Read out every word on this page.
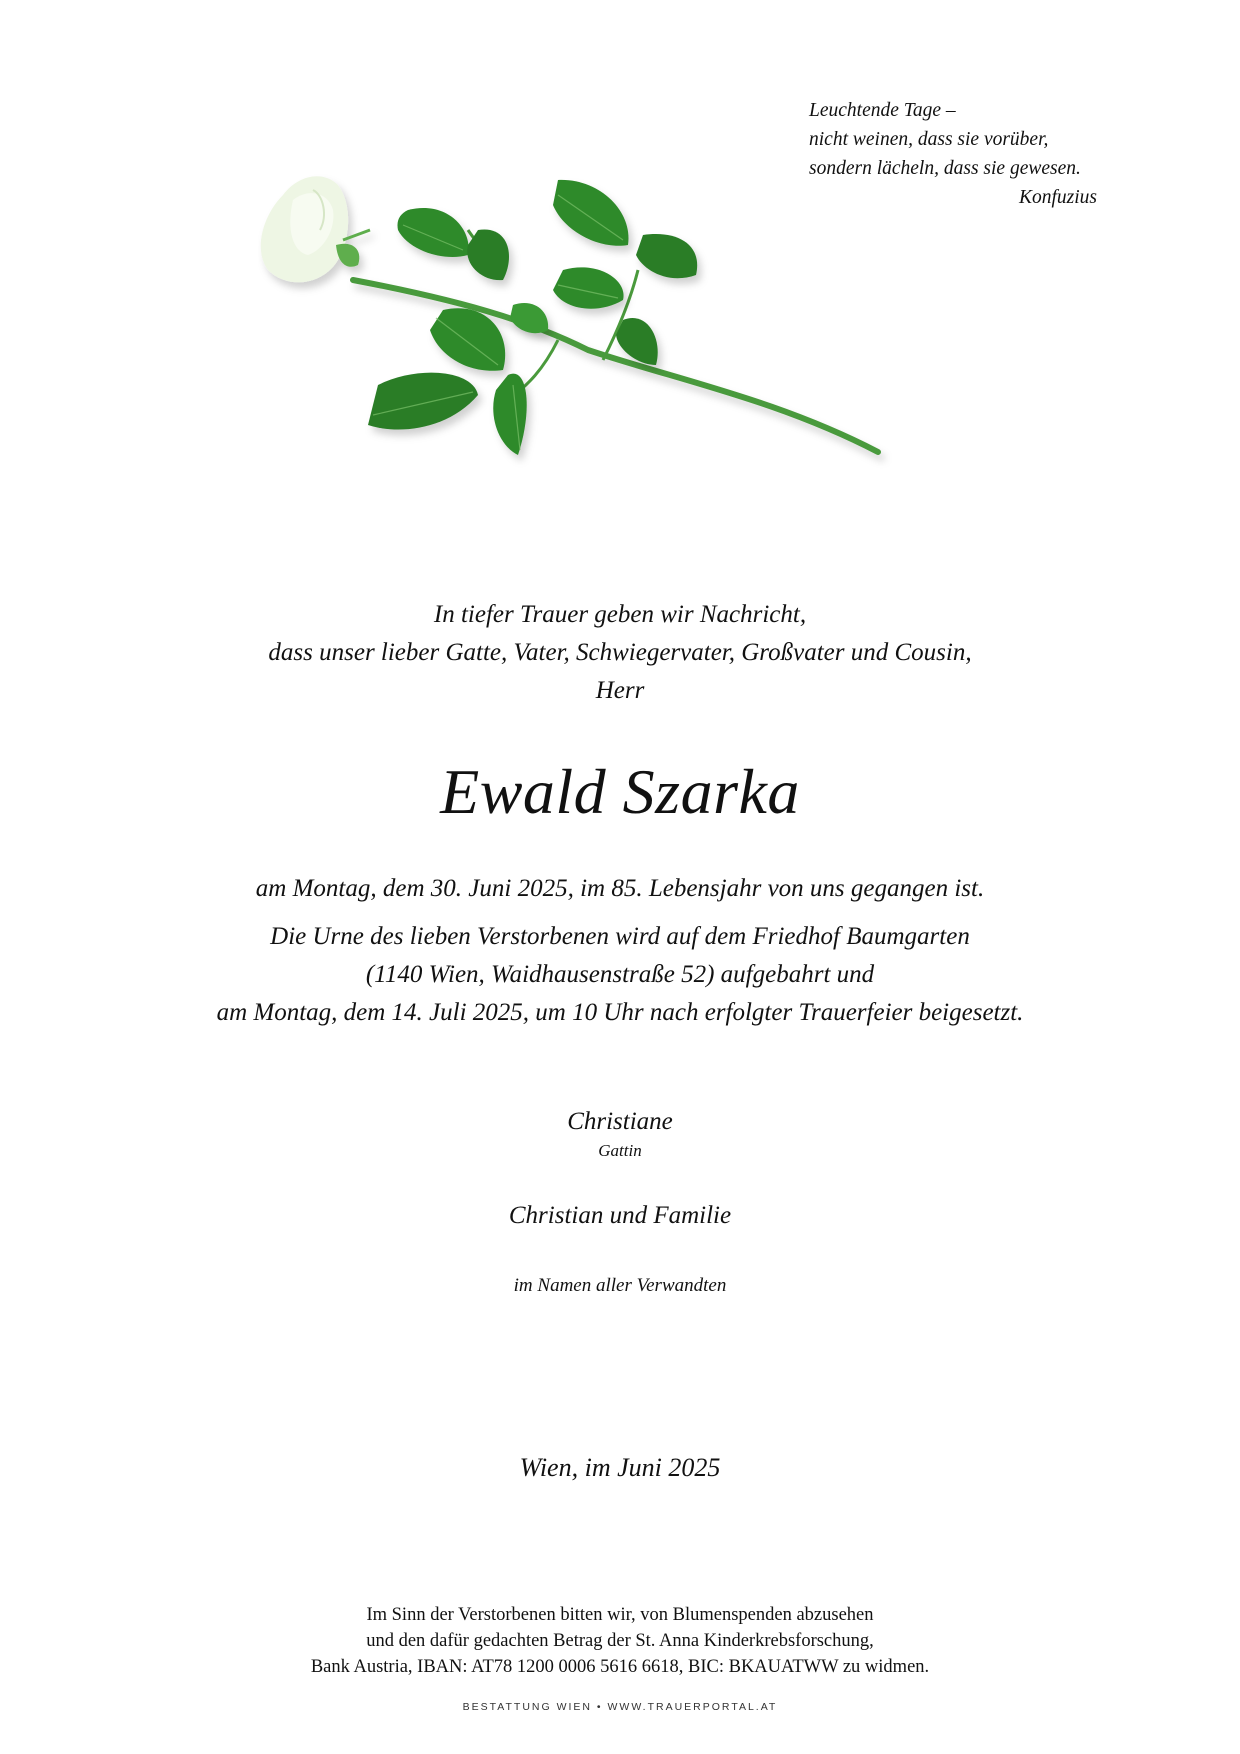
Leuchtende Tage –
nicht weinen, dass sie vorüber,
sondern lächeln, dass sie gewesen.
Konfuzius
In tiefer Trauer geben wir Nachricht,
dass unser lieber Gatte, Vater, Schwiegervater, Großvater und Cousin,
Herr
Ewald Szarka
am Montag, dem 30. Juni 2025, im 85. Lebensjahr von uns gegangen ist.
Die Urne des lieben Verstorbenen wird auf dem Friedhof Baumgarten
(1140 Wien, Waidhausenstraße 52) aufgebahrt und
am Montag, dem 14. Juli 2025, um 10 Uhr nach erfolgter Trauerfeier beigesetzt.
Christiane
Gattin
Christian und Familie
im Namen aller Verwandten
Wien, im Juni 2025
Im Sinn der Verstorbenen bitten wir, von Blumenspenden abzusehen
und den dafür gedachten Betrag der St. Anna Kinderkrebsforschung,
Bank Austria, IBAN: AT78 1200 0006 5616 6618, BIC: BKAUATWW zu widmen.
BESTATTUNG WIEN • WWW.TRAUERPORTAL.AT
